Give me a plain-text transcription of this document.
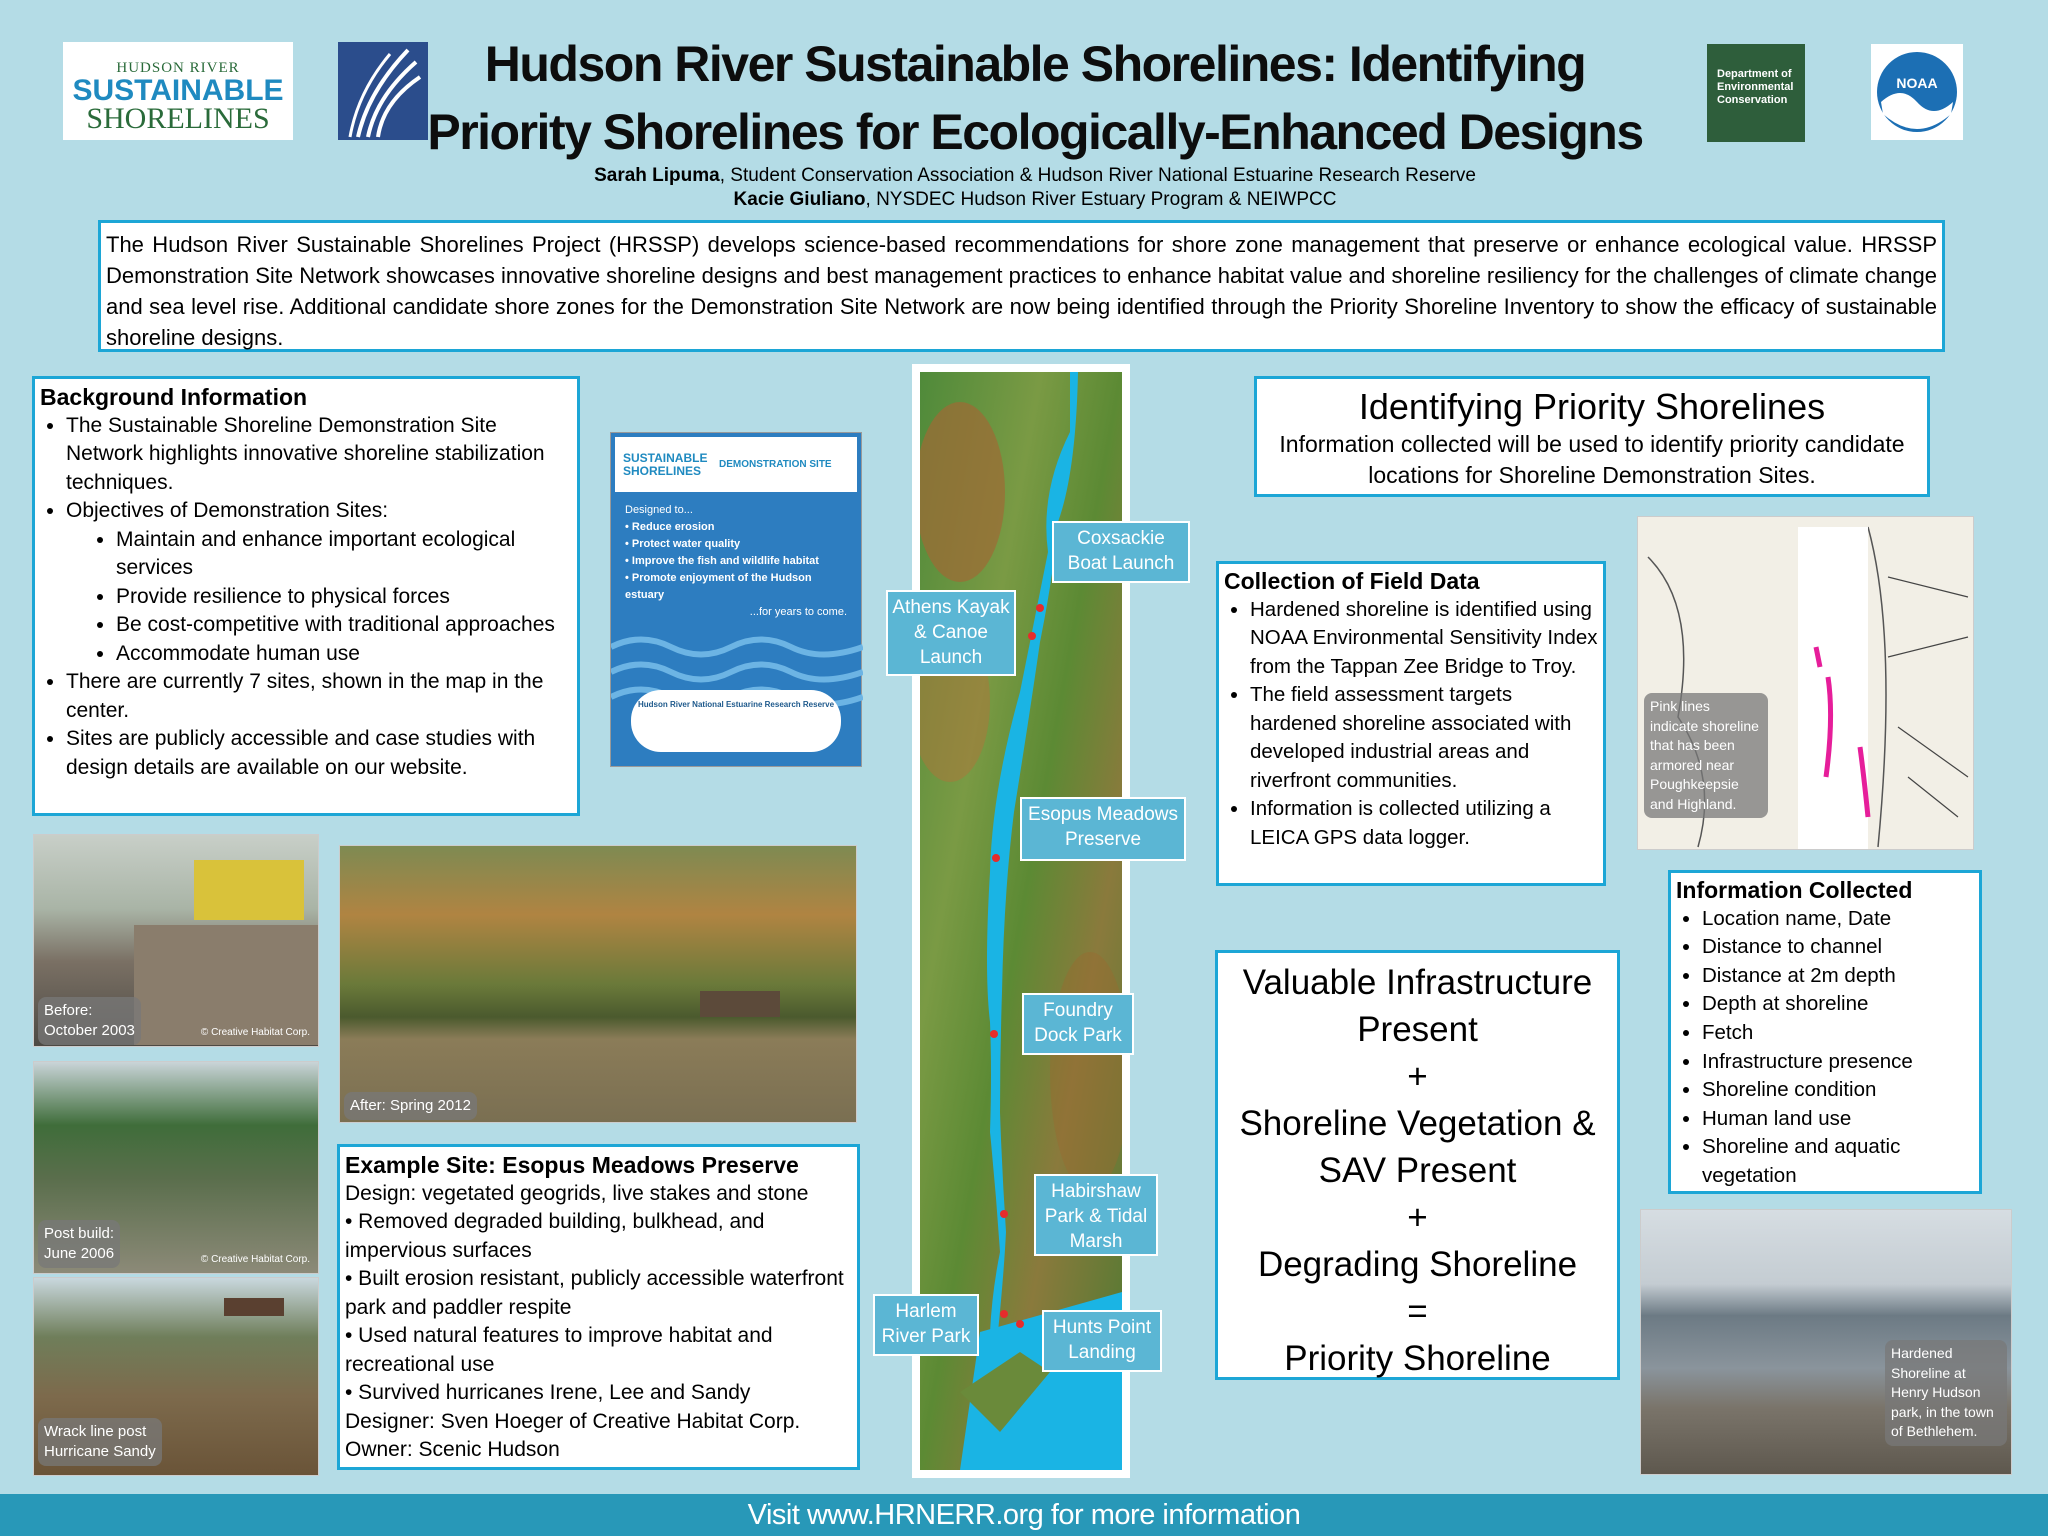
HUDSON RIVER
SUSTAINABLE
SHORELINES
Hudson River Sustainable Shorelines: Identifying
Priority Shorelines for Ecologically-Enhanced Designs
Department of Environmental Conservation
NOAA
Sarah Lipuma, Student Conservation Association & Hudson River National Estuarine Research Reserve
Kacie Giuliano, NYSDEC Hudson River Estuary Program & NEIWPCC
The Hudson River Sustainable Shorelines Project (HRSSP) develops science-based recommendations for shore zone management that preserve or enhance ecological value. HRSSP Demonstration Site Network showcases innovative shoreline designs and best management practices to enhance habitat value and shoreline resiliency for the challenges of climate change and sea level rise. Additional candidate shore zones for the Demonstration Site Network are now being identified through the Priority Shoreline Inventory to show the efficacy of sustainable shoreline designs.
Background Information
• The Sustainable Shoreline Demonstration Site Network highlights innovative shoreline stabilization techniques.
• Objectives of Demonstration Sites:
• Maintain and enhance important ecological services
• Provide resilience to physical forces
• Be cost-competitive with traditional approaches
• Accommodate human use
• There are currently 7 sites, shown in the map in the center.
• Sites are publicly accessible and case studies with design details are available on our website.
SUSTAINABLE SHORELINES	DEMONSTRATION SITE
Designed to...
• Reduce erosion
• Protect water quality
• Improve the fish and wildlife habitat
• Promote enjoyment of the Hudson estuary
...for years to come.
Hudson River National Estuarine Research Reserve
Before:
October 2003	© Creative Habitat Corp.
Post build:
June 2006	© Creative Habitat Corp.
Wrack line post
Hurricane Sandy
After: Spring 2012
Coxsackie
Boat Launch
Athens Kayak
& Canoe
Launch
Esopus Meadows
Preserve
Foundry
Dock Park
Habirshaw
Park & Tidal
Marsh
Harlem
River Park	Hunts Point
Landing
Example Site: Esopus Meadows Preserve
Design: vegetated geogrids, live stakes and stone
• Removed degraded building, bulkhead, and impervious surfaces
• Built erosion resistant, publicly accessible waterfront park and paddler respite
• Used natural features to improve habitat and recreational use
• Survived hurricanes Irene, Lee and Sandy
Designer: Sven Hoeger of Creative Habitat Corp.
Owner: Scenic Hudson
Identifying Priority Shorelines
Information collected will be used to identify priority candidate locations for Shoreline Demonstration Sites.
Pink lines indicate shoreline that has been armored near Poughkeepsie and Highland.
Collection of Field Data
• Hardened shoreline is identified using NOAA Environmental Sensitivity Index from the Tappan Zee Bridge to Troy.
• The field assessment targets hardened shoreline associated with developed industrial areas and riverfront communities.
• Information is collected utilizing a LEICA GPS data logger.
Valuable Infrastructure Present
+
Shoreline Vegetation & SAV Present
+
Degrading Shoreline
=
Priority Shoreline
Information Collected
• Location name, Date
• Distance to channel
• Distance at 2m depth
• Depth at shoreline
• Fetch
• Infrastructure presence
• Shoreline condition
• Human land use
• Shoreline and aquatic vegetation
Hardened Shoreline at Henry Hudson park, in the town of Bethlehem.
Visit www.HRNERR.org for more information
